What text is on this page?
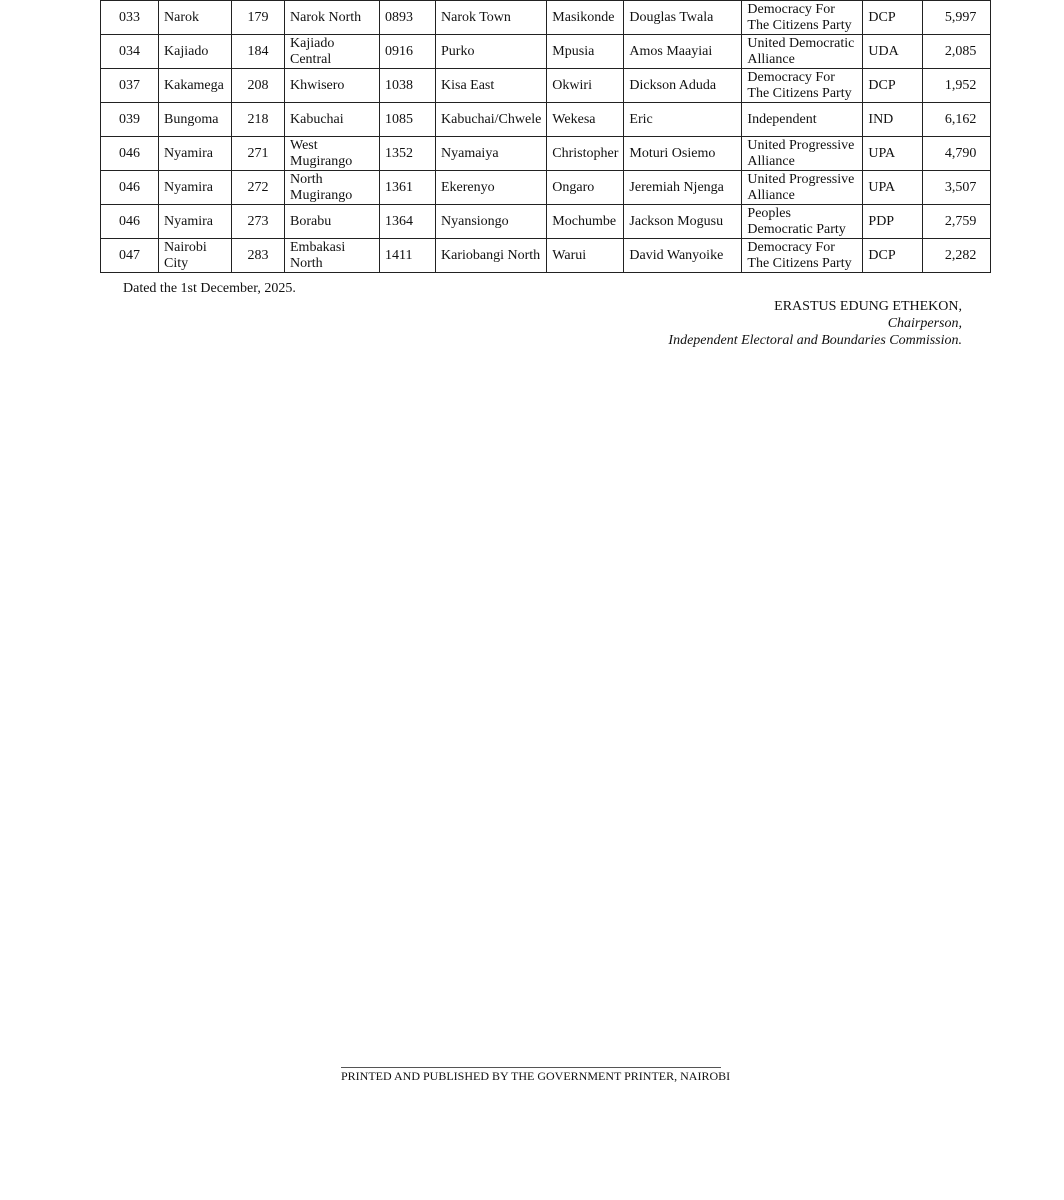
033	Narok	179	Narok North	0893	Narok Town	Masikonde	Douglas Twala	Democracy For The Citizens Party	DCP	5,997
034	Kajiado	184	Kajiado Central	0916	Purko	Mpusia	Amos Maayiai	United Democratic Alliance	UDA	2,085
037	Kakamega	208	Khwisero	1038	Kisa East	Okwiri	Dickson Aduda	Democracy For The Citizens Party	DCP	1,952
039	Bungoma	218	Kabuchai	1085	Kabuchai/Chwele	Wekesa	Eric	Independent	IND	6,162
046	Nyamira	271	West Mugirango	1352	Nyamaiya	Christopher	Moturi Osiemo	United Progressive Alliance	UPA	4,790
046	Nyamira	272	North Mugirango	1361	Ekerenyo	Ongaro	Jeremiah Njenga	United Progressive Alliance	UPA	3,507
046	Nyamira	273	Borabu	1364	Nyansiongo	Mochumbe	Jackson Mogusu	Peoples Democratic Party	PDP	2,759
047	Nairobi City	283	Embakasi North	1411	Kariobangi North	Warui	David Wanyoike	Democracy For The Citizens Party	DCP	2,282
Dated the 1st December, 2025.
ERASTUS EDUNG ETHEKON,
Chairperson,
Independent Electoral and Boundaries Commission.
PRINTED AND PUBLISHED BY THE GOVERNMENT PRINTER, NAIROBI
